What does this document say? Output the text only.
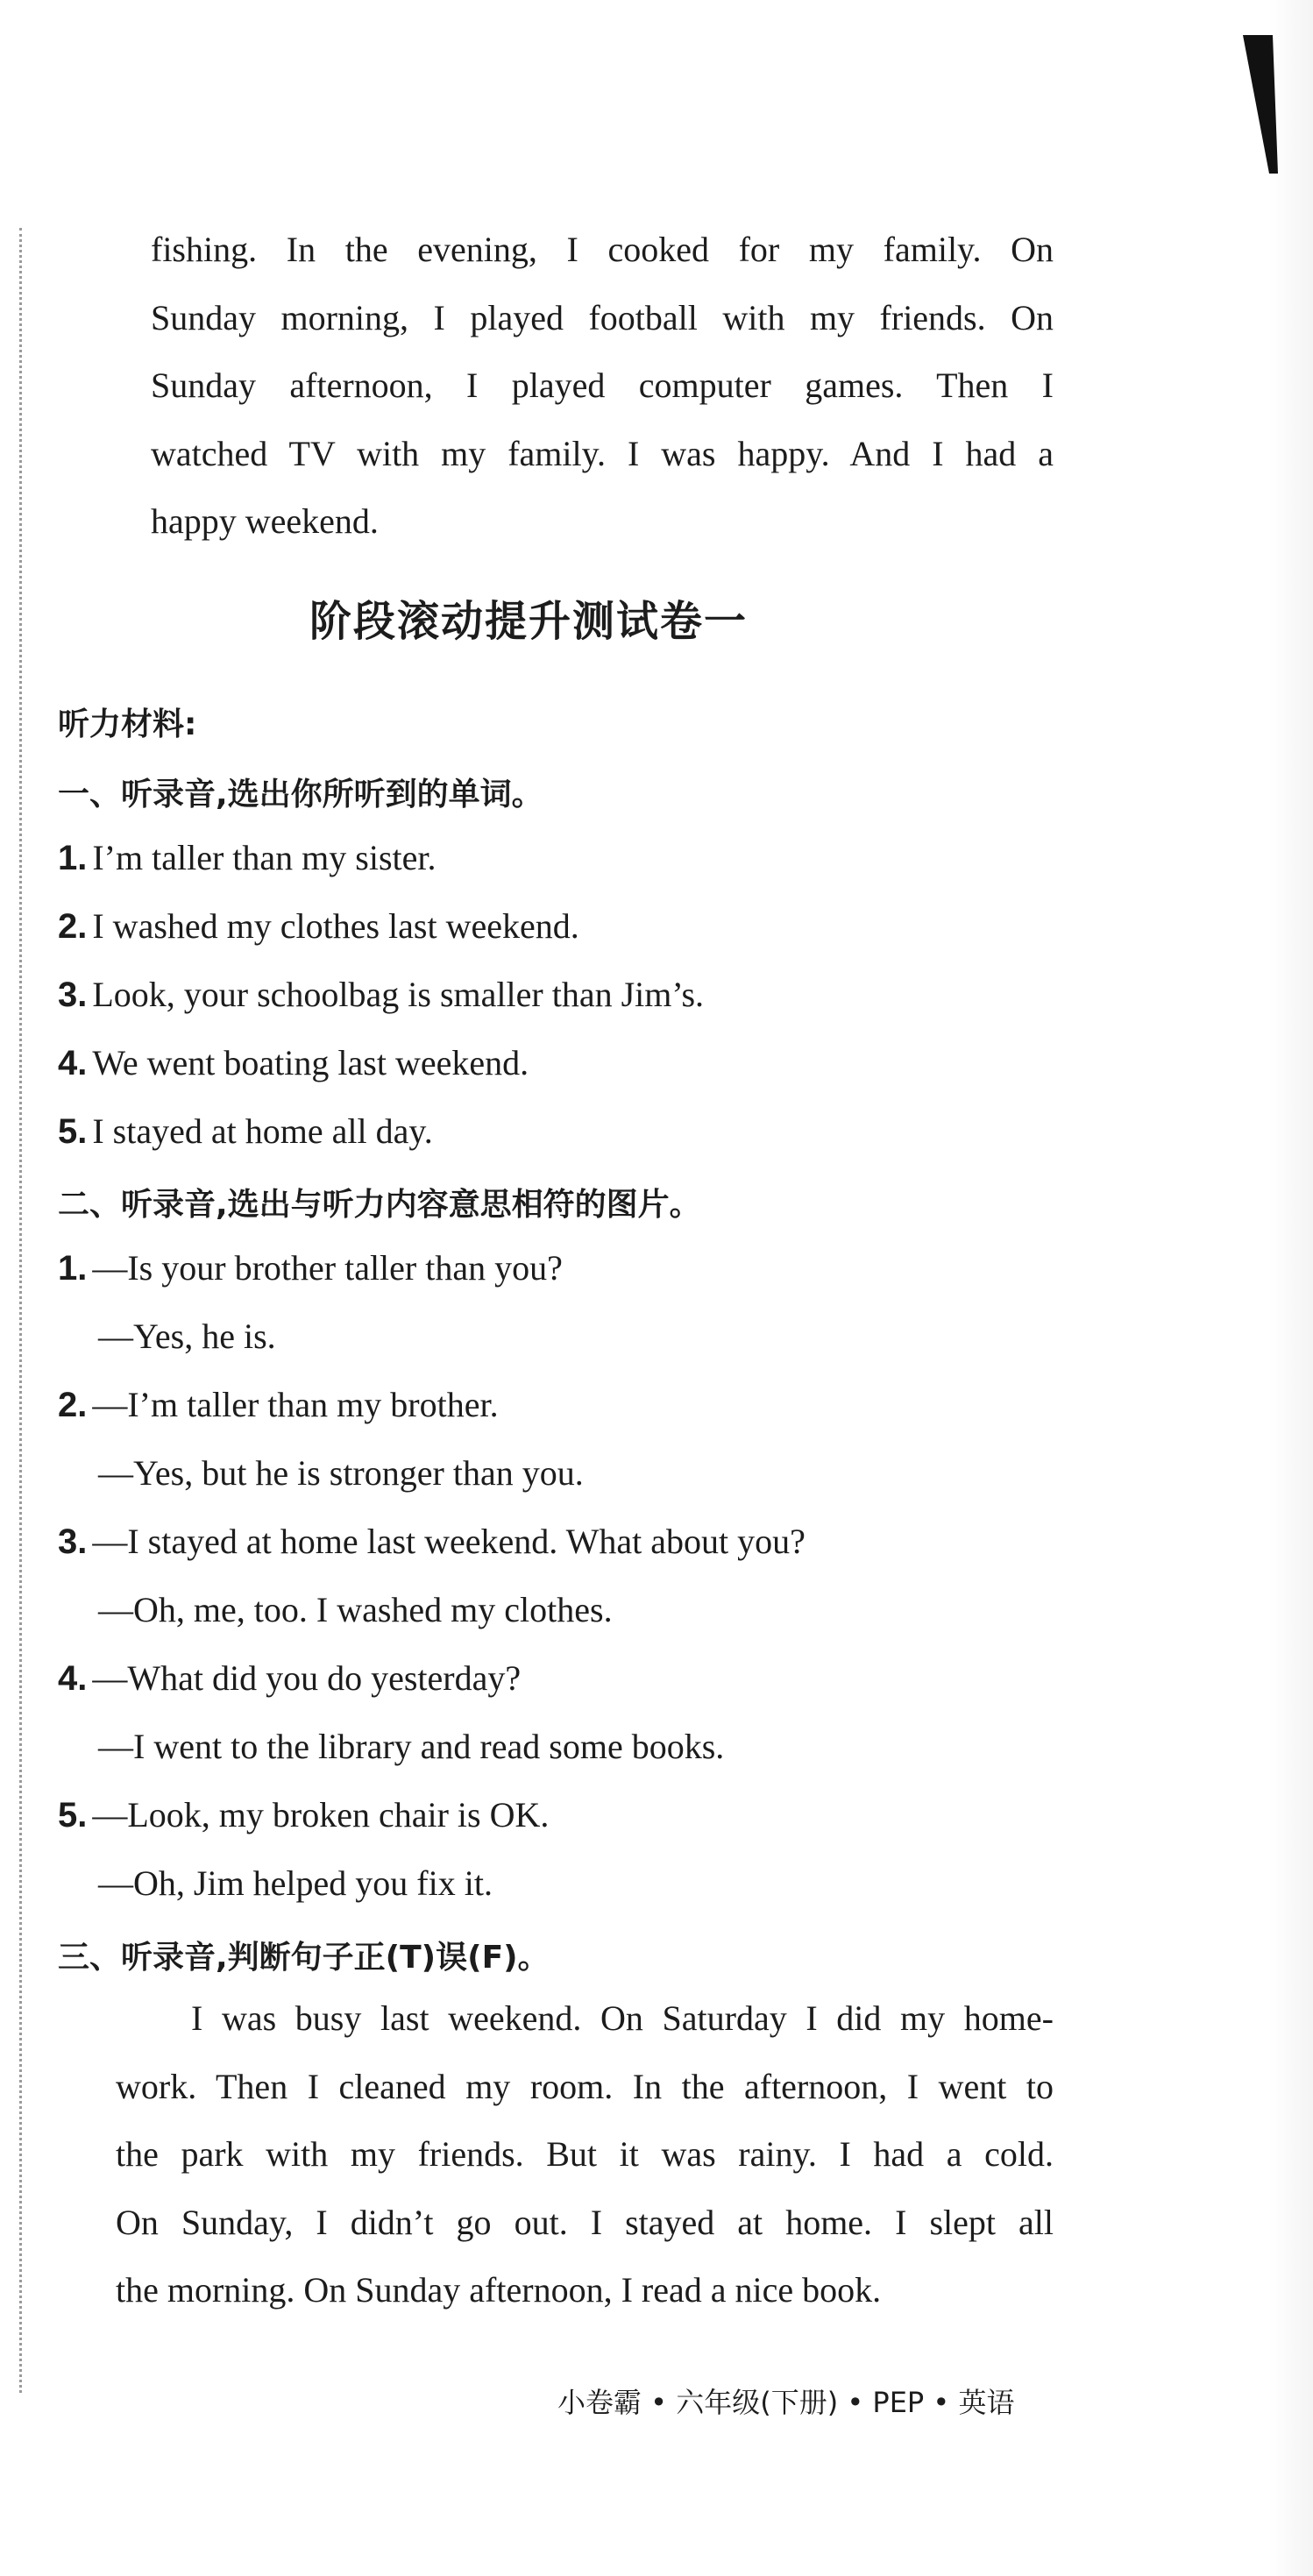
fishing. In the evening, I cooked for my family. On
Sunday morning, I played football with my friends. On
Sunday afternoon, I played computer games. Then I
watched TV with my family. I was happy. And I had a
happy weekend.
阶段滚动提升测试卷一
听力材料:
一、听录音,选出你所听到的单词。
1. I’m taller than my sister.
2. I washed my clothes last weekend.
3. Look, your schoolbag is smaller than Jim’s.
4. We went boating last weekend.
5. I stayed at home all day.
二、听录音,选出与听力内容意思相符的图片。
1. —Is your brother taller than you?
—Yes, he is.
2. —I’m taller than my brother.
—Yes, but he is stronger than you.
3. —I stayed at home last weekend. What about you?
—Oh, me, too. I washed my clothes.
4. —What did you do yesterday?
—I went to the library and read some books.
5. —Look, my broken chair is OK.
—Oh, Jim helped you fix it.
三、听录音,判断句子正(T)误(F)。
I was busy last weekend. On Saturday I did my home-
work. Then I cleaned my room. In the afternoon, I went to
the park with my friends. But it was rainy. I had a cold.
On Sunday, I didn’t go out. I stayed at home. I slept all
the morning. On Sunday afternoon, I read a nice book.
小卷霸 • 六年级(下册) • PEP • 英语
